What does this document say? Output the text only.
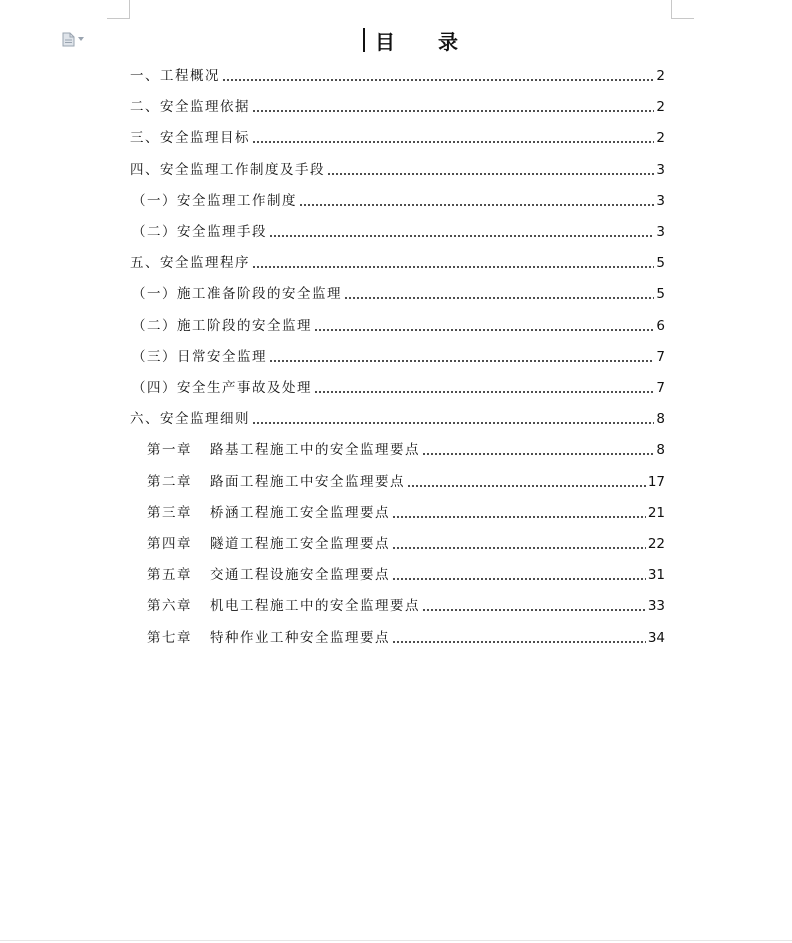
目 录
一、工程概况	2
二、安全监理依据	2
三、安全监理目标	2
四、安全监理工作制度及手段	3
（一）安全监理工作制度	3
（二）安全监理手段	3
五、安全监理程序	5
（一）施工准备阶段的安全监理	5
（二）施工阶段的安全监理	6
（三）日常安全监理	7
（四）安全生产事故及处理	7
六、安全监理细则	8
第一章 路基工程施工中的安全监理要点	8
第二章 路面工程施工中安全监理要点	17
第三章 桥涵工程施工安全监理要点	21
第四章 隧道工程施工安全监理要点	22
第五章 交通工程设施安全监理要点	31
第六章 机电工程施工中的安全监理要点	33
第七章 特种作业工种安全监理要点	34
